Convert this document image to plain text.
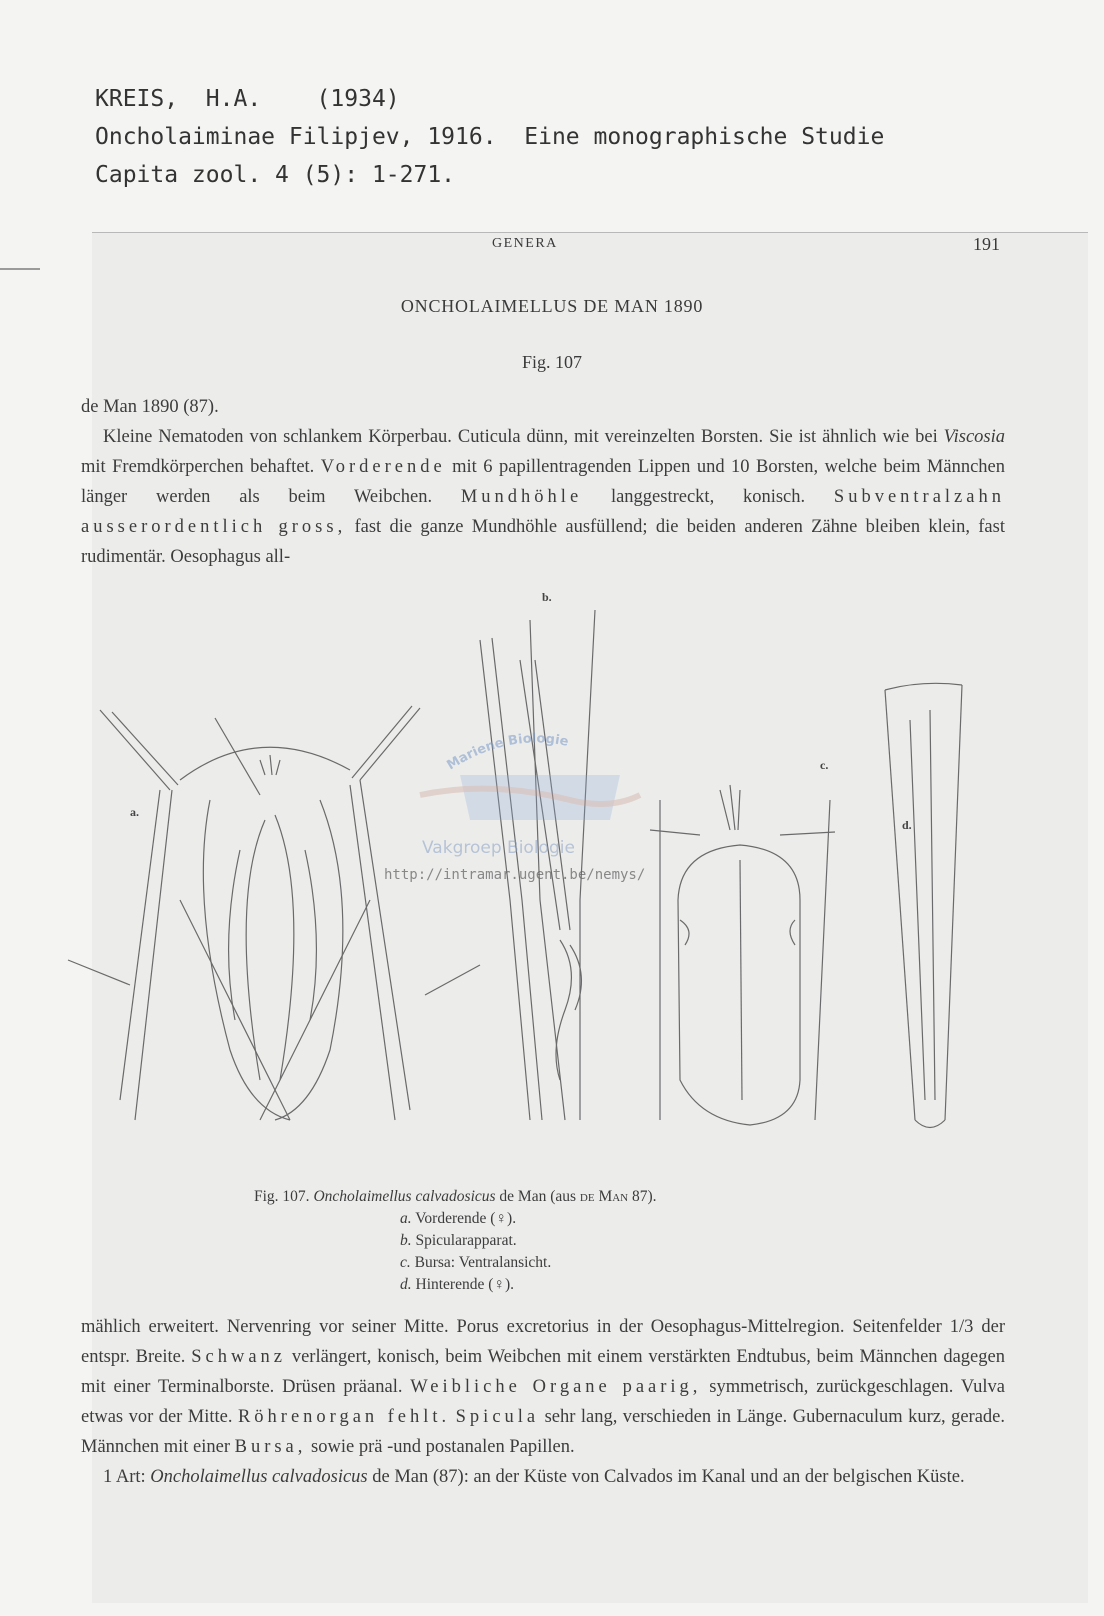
KREIS,  H.A.    (1934)
Oncholaiminae Filipjev, 1916.  Eine monographische Studie
Capita zool. 4 (5): 1-271.
GENERA	191
ONCHOLAIMELLUS DE MAN 1890
Fig. 107

de Man 1890 (87).

Kleine Nematoden von schlankem Körperbau. Cuticula dünn, mit vereinzelten Borsten. Sie ist ähnlich wie bei Viscosia mit Fremdkörperchen behaftet. Vorderende mit 6 papillentragenden Lippen und 10 Borsten, welche beim Männchen länger werden als beim Weibchen. Mundhöhle langgestreckt, konisch. Subventralzahn ausserordentlich gross, fast die ganze Mundhöhle ausfüllend; die beiden anderen Zähne bleiben klein, fast rudimentär. Oesophagus all-

a.
b.
c.
d.
Mariene Biologie
Vakgroep Biologie
http://intramar.ugent.be/nemys/
Fig. 107. Oncholaimellus calvadosicus de Man (aus de Man 87).
a. Vorderende (♀).
b. Spicularapparat.
c. Bursa: Ventralansicht.
d. Hinterende (♀).

mählich erweitert. Nervenring vor seiner Mitte. Porus excretorius in der Oesophagus-Mittelregion. Seitenfelder 1/3 der entspr. Breite. Schwanz verlängert, konisch, beim Weibchen mit einem verstärkten Endtubus, beim Männchen dagegen mit einer Terminalborste. Drüsen präanal. Weibliche Organe paarig, symmetrisch, zurückgeschlagen. Vulva etwas vor der Mitte. Röhrenorgan fehlt. Spicula sehr lang, verschieden in Länge. Gubernaculum kurz, gerade. Männchen mit einer Bursa, sowie prä -und postanalen Papillen.

1 Art: Oncholaimellus calvadosicus de Man (87): an der Küste von Calvados im Kanal und an der belgischen Küste.
